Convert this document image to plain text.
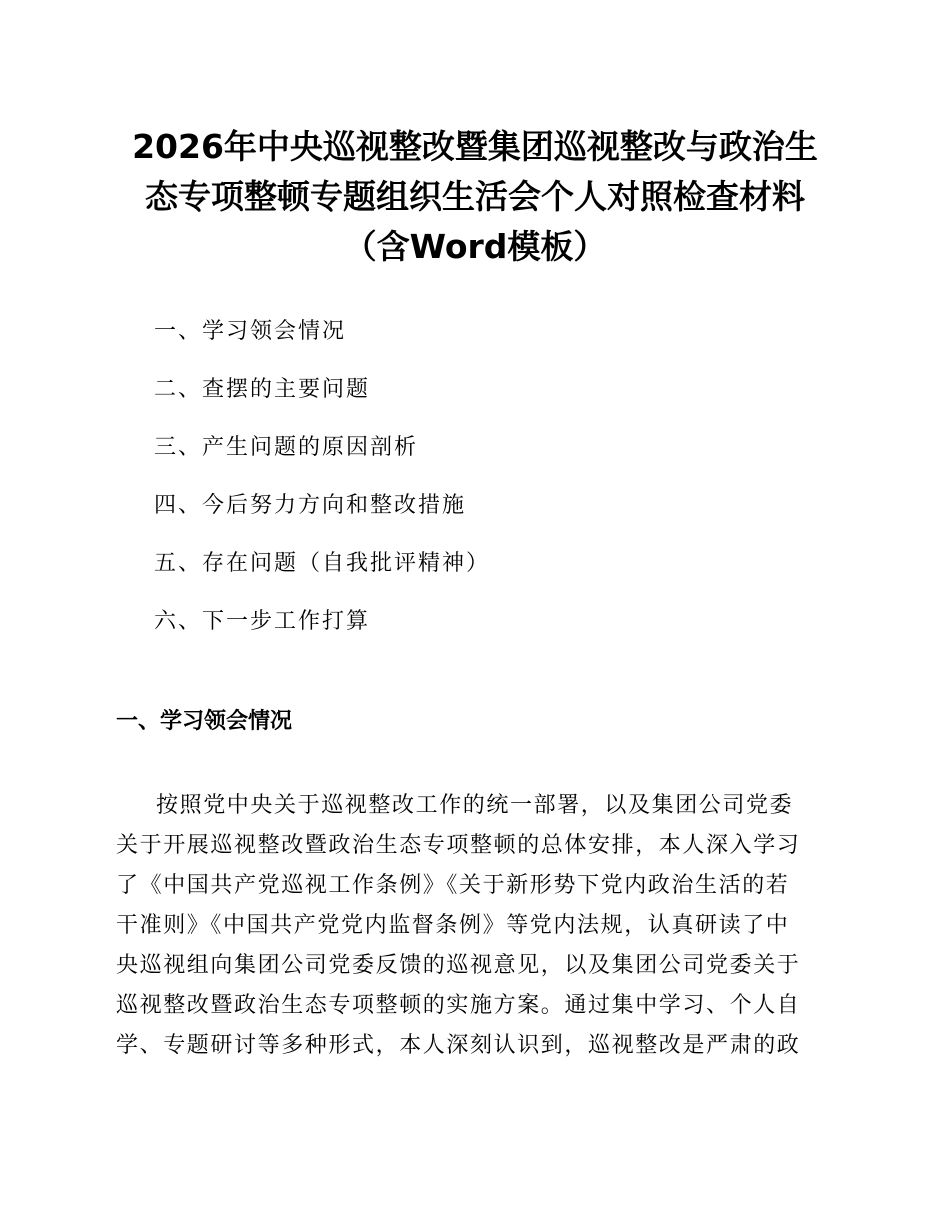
2026年中央巡视整改暨集团巡视整改与政治生
态专项整顿专题组织生活会个人对照检查材料
（含Word模板）
一、学习领会情况
二、查摆的主要问题
三、产生问题的原因剖析
四、今后努力方向和整改措施
五、存在问题（自我批评精神）
六、下一步工作打算
一、学习领会情况
按照党中央关于巡视整改工作的统一部署，以及集团公司党委
关于开展巡视整改暨政治生态专项整顿的总体安排，本人深入学习
了《中国共产党巡视工作条例》《关于新形势下党内政治生活的若
干准则》《中国共产党党内监督条例》等党内法规，认真研读了中
央巡视组向集团公司党委反馈的巡视意见，以及集团公司党委关于
巡视整改暨政治生态专项整顿的实施方案。通过集中学习、个人自
学、专题研讨等多种形式，本人深刻认识到，巡视整改是严肃的政
